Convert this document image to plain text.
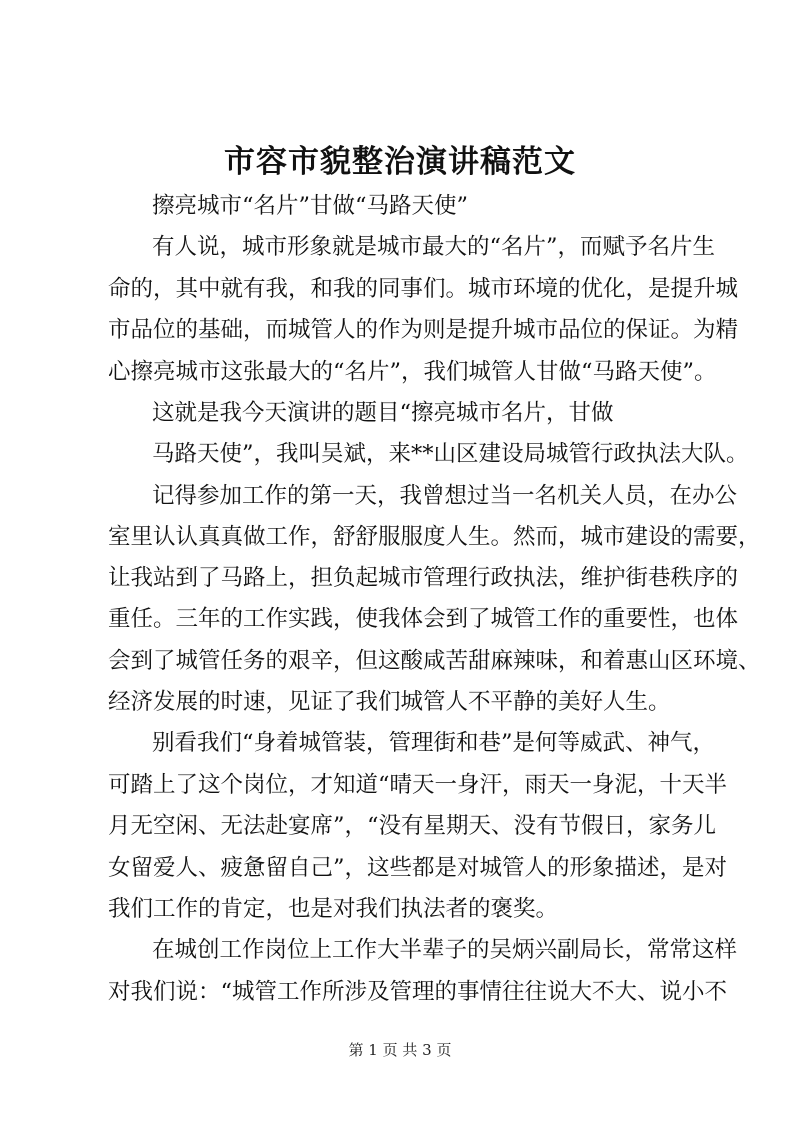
市容市貌整治演讲稿范文
擦亮城市“名片”甘做“马路天使”
有人说，城市形象就是城市最大的“名片”，而赋予名片生
命的，其中就有我，和我的同事们。城市环境的优化，是提升城
市品位的基础，而城管人的作为则是提升城市品位的保证。为精
心擦亮城市这张最大的“名片”，我们城管人甘做“马路天使”。
这就是我今天演讲的题目“擦亮城市名片，甘做
马路天使”，我叫吴斌，来**山区建设局城管行政执法大队。
记得参加工作的第一天，我曾想过当一名机关人员，在办公
室里认认真真做工作，舒舒服服度人生。然而，城市建设的需要，
让我站到了马路上，担负起城市管理行政执法，维护街巷秩序的
重任。三年的工作实践，使我体会到了城管工作的重要性，也体
会到了城管任务的艰辛，但这酸咸苦甜麻辣味，和着惠山区环境、
经济发展的时速，见证了我们城管人不平静的美好人生。
别看我们“身着城管装，管理街和巷”是何等威武、神气，
可踏上了这个岗位，才知道“晴天一身汗，雨天一身泥，十天半
月无空闲、无法赴宴席”，“没有星期天、没有节假日，家务儿
女留爱人、疲惫留自己”，这些都是对城管人的形象描述，是对
我们工作的肯定，也是对我们执法者的褒奖。
在城创工作岗位上工作大半辈子的吴炳兴副局长，常常这样
对我们说：“城管工作所涉及管理的事情往往说大不大、说小不
第 1 页 共 3 页
